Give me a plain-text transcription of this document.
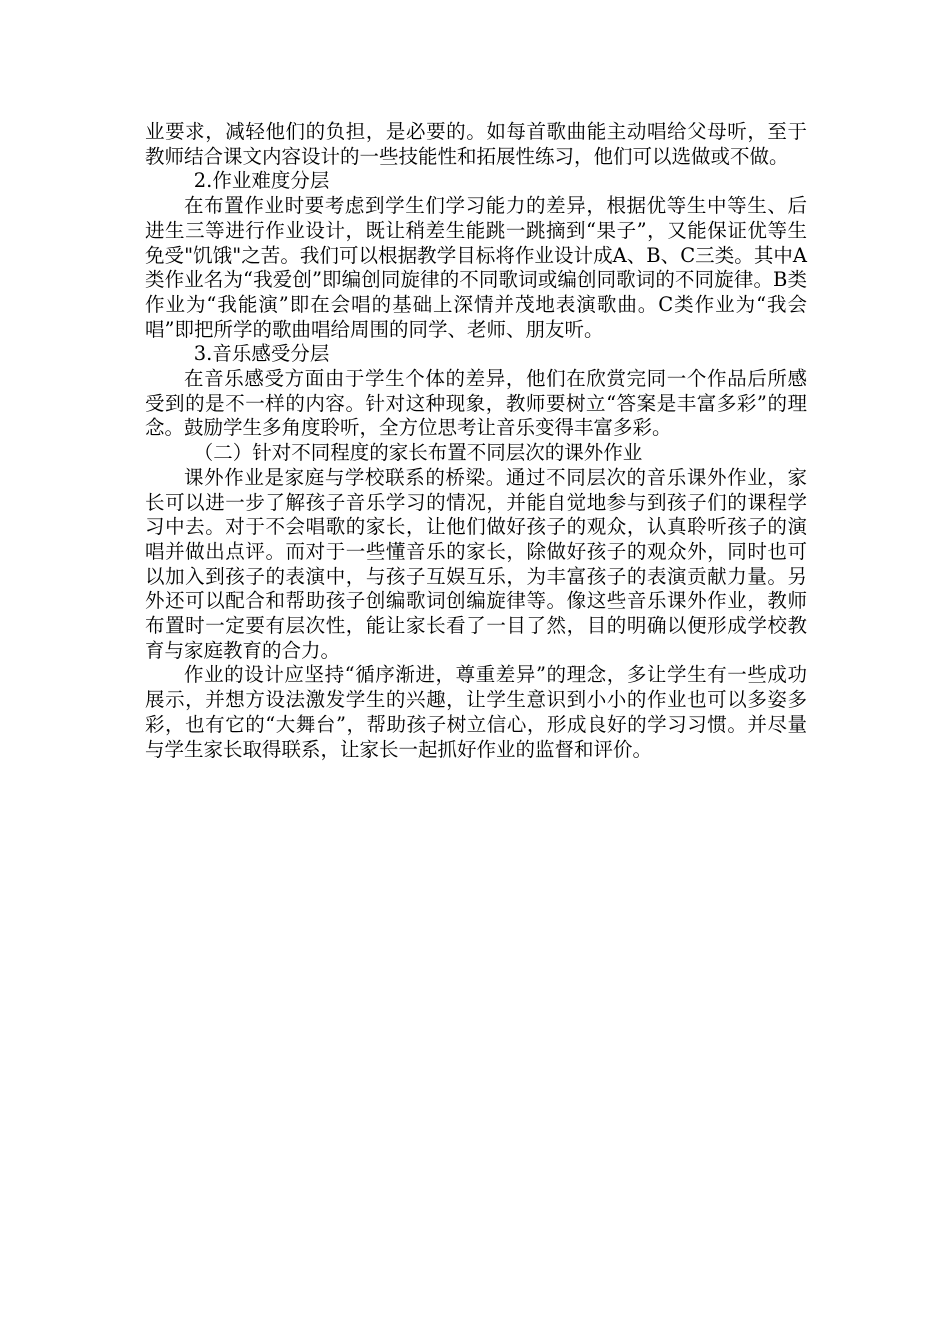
业要求，减轻他们的负担，是必要的。如每首歌曲能主动唱给父母听，至于教师结合课文内容设计的一些技能性和拓展性练习，他们可以选做或不做。

2.作业难度分层

在布置作业时要考虑到学生们学习能力的差异，根据优等生中等生、后进生三等进行作业设计，既让稍差生能跳一跳摘到“果子”，又能保证优等生免受"饥饿"之苦。我们可以根据教学目标将作业设计成A、B、C三类。其中A类作业名为“我爱创”即编创同旋律的不同歌词或编创同歌词的不同旋律。B类作业为“我能演”即在会唱的基础上深情并茂地表演歌曲。C类作业为“我会唱”即把所学的歌曲唱给周围的同学、老师、朋友听。

3.音乐感受分层

在音乐感受方面由于学生个体的差异，他们在欣赏完同一个作品后所感受到的是不一样的内容。针对这种现象，教师要树立“答案是丰富多彩”的理念。鼓励学生多角度聆听，全方位思考让音乐变得丰富多彩。

（二）针对不同程度的家长布置不同层次的课外作业

课外作业是家庭与学校联系的桥梁。通过不同层次的音乐课外作业，家长可以进一步了解孩子音乐学习的情况，并能自觉地参与到孩子们的课程学习中去。对于不会唱歌的家长，让他们做好孩子的观众，认真聆听孩子的演唱并做出点评。而对于一些懂音乐的家长，除做好孩子的观众外，同时也可以加入到孩子的表演中，与孩子互娱互乐，为丰富孩子的表演贡献力量。另外还可以配合和帮助孩子创编歌词创编旋律等。像这些音乐课外作业，教师布置时一定要有层次性，能让家长看了一目了然，目的明确以便形成学校教育与家庭教育的合力。

作业的设计应坚持“循序渐进，尊重差异”的理念，多让学生有一些成功展示，并想方设法激发学生的兴趣，让学生意识到小小的作业也可以多姿多彩，也有它的“大舞台”，帮助孩子树立信心，形成良好的学习习惯。并尽量与学生家长取得联系，让家长一起抓好作业的监督和评价。
